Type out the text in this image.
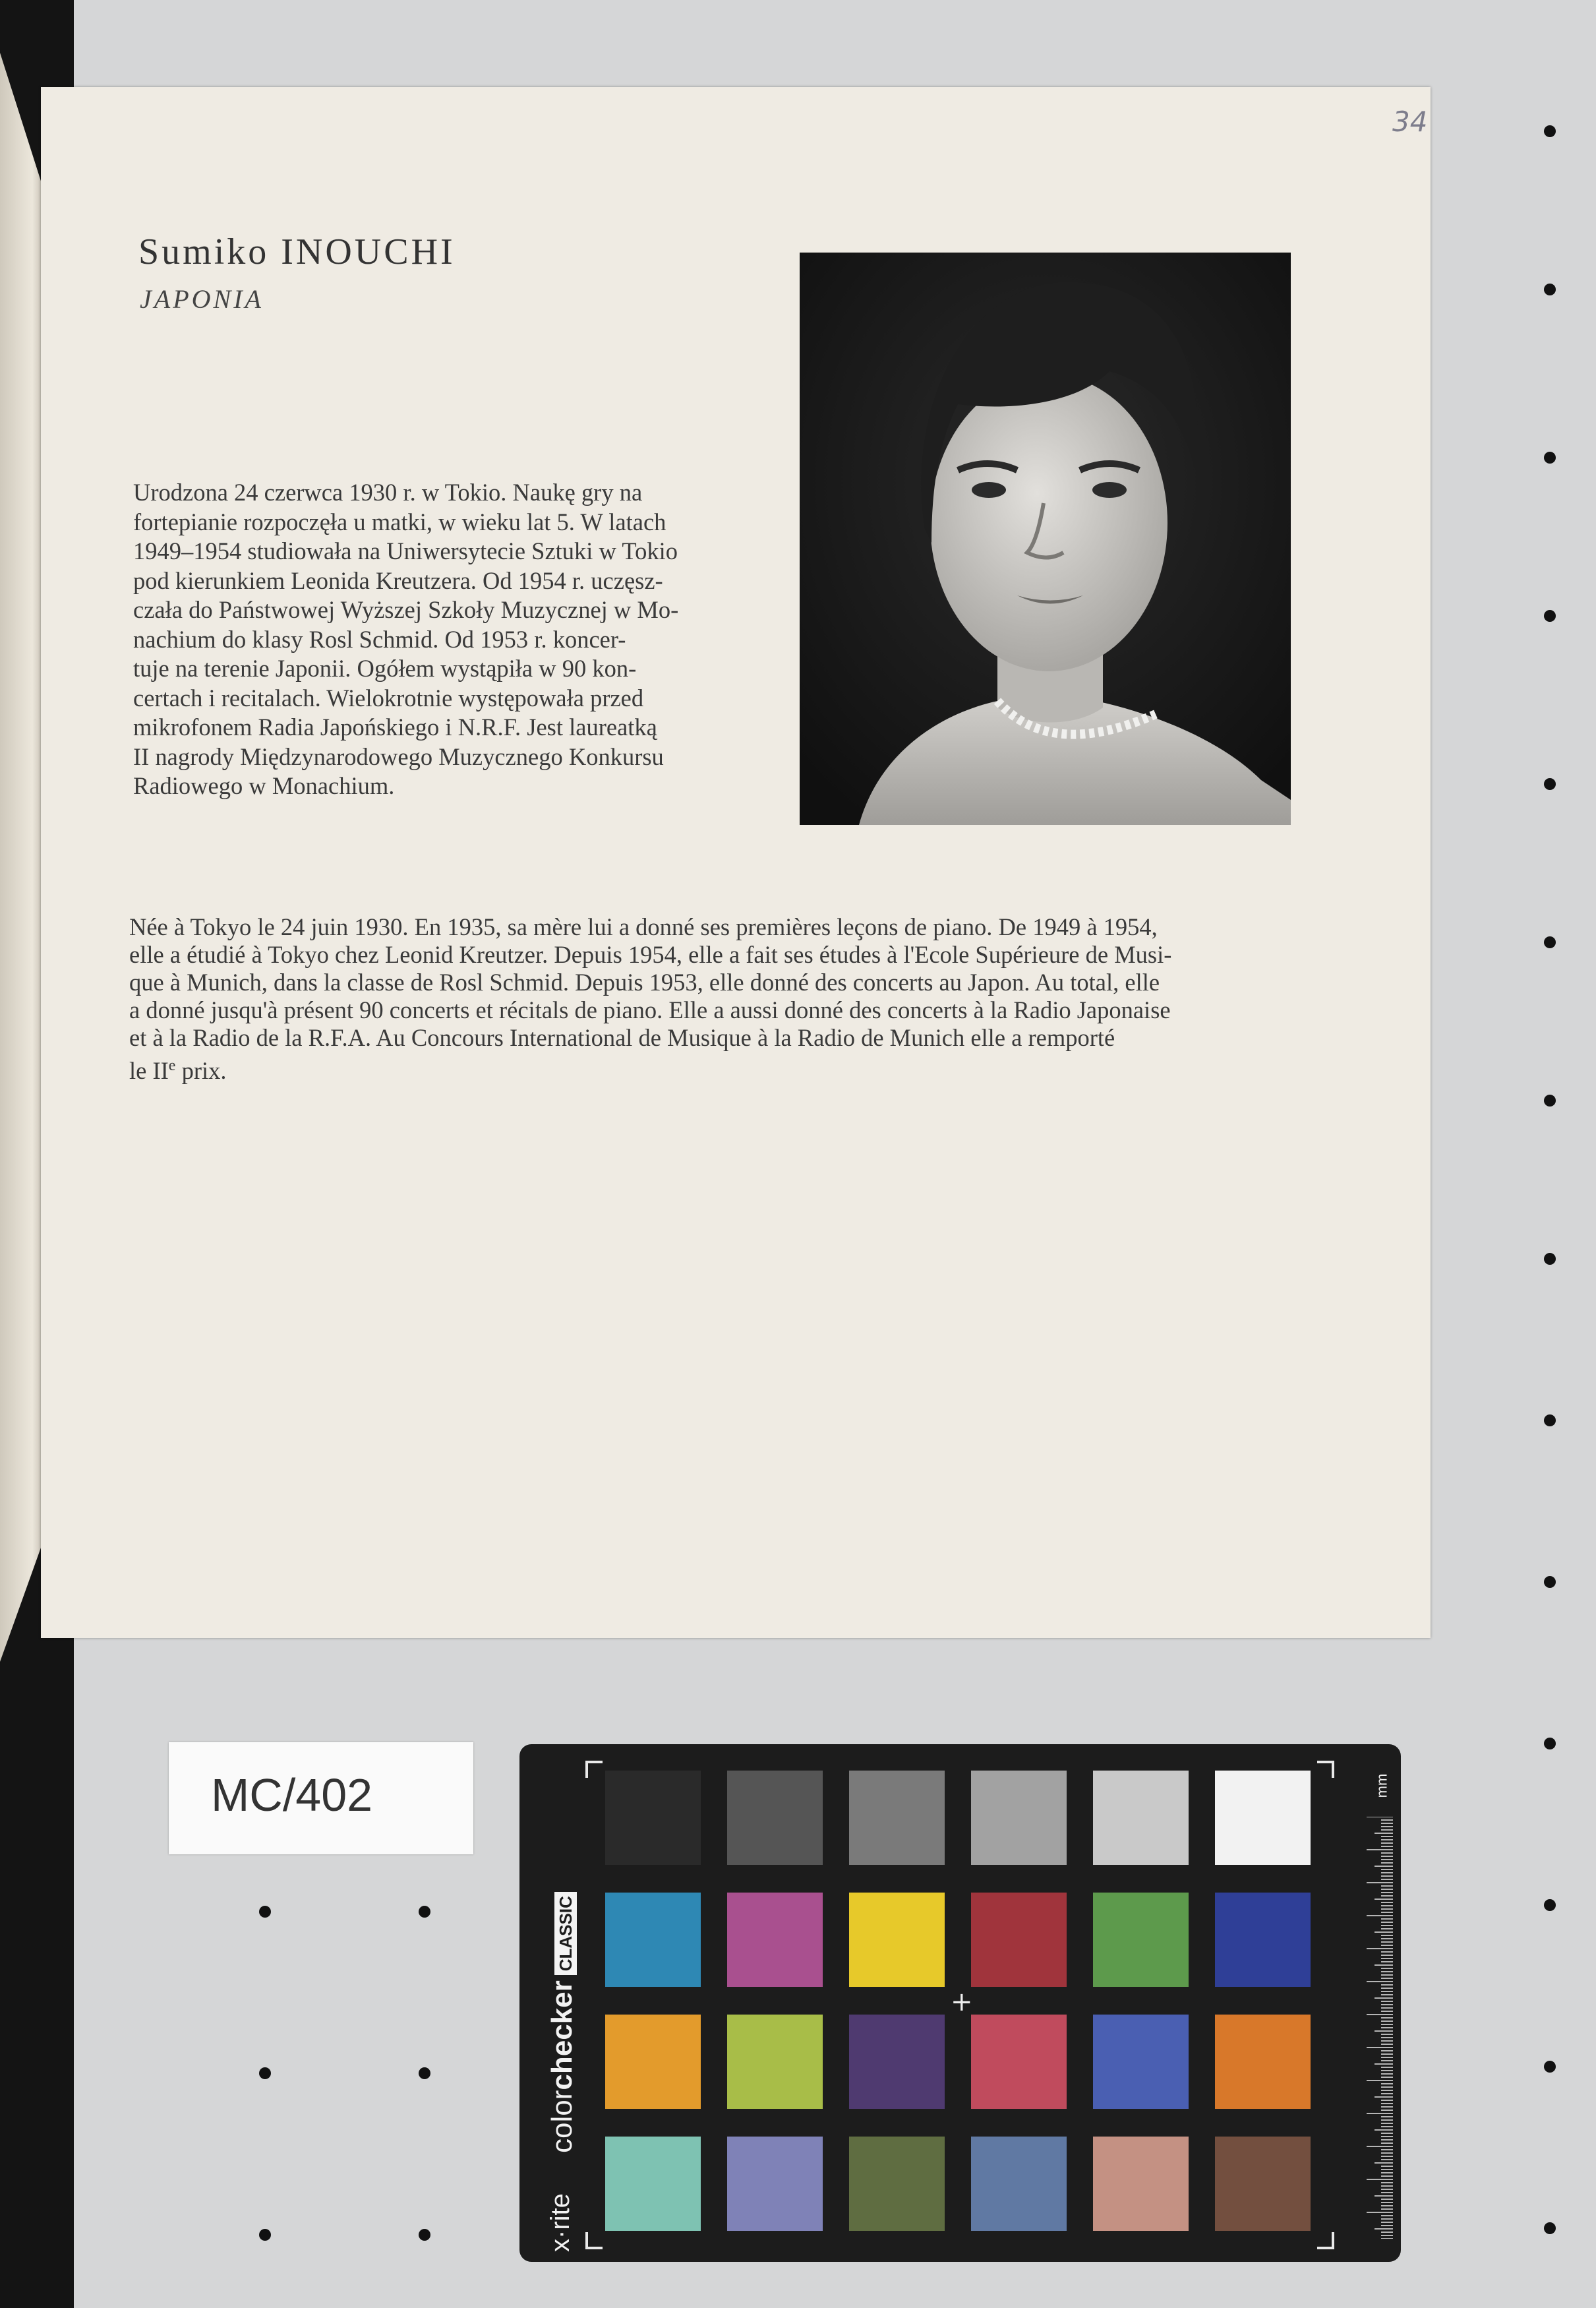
34
Sumiko INOUCHI
JAPONIA
Urodzona 24 czerwca 1930 r. w Tokio. Naukę gry na
fortepianie rozpoczęła u matki, w wieku lat 5. W latach
1949–1954 studiowała na Uniwersytecie Sztuki w Tokio
pod kierunkiem Leonida Kreutzera. Od 1954 r. uczęsz-
czała do Państwowej Wyższej Szkoły Muzycznej w Mo-
nachium do klasy Rosl Schmid. Od 1953 r. koncer-
tuje na terenie Japonii. Ogółem wystąpiła w 90 kon-
certach i recitalach. Wielokrotnie występowała przed
mikrofonem Radia Japońskiego i N.R.F. Jest laureatką
II nagrody Międzynarodowego Muzycznego Konkursu
Radiowego w Monachium.
Née à Tokyo le 24 juin 1930. En 1935, sa mère lui a donné ses premières leçons de piano. De 1949 à 1954,
elle a étudié à Tokyo chez Leonid Kreutzer. Depuis 1954, elle a fait ses études à l'Ecole Supérieure de Musi-
que à Munich, dans la classe de Rosl Schmid. Depuis 1953, elle donné des concerts au Japon. Au total, elle
a donné jusqu'à présent 90 concerts et récitals de piano. Elle a aussi donné des concerts à la Radio Japonaise
et à la Radio de la R.F.A. Au Concours International de Musique à la Radio de Munich elle a remporté
le IIe prix.
MC/402
colorcheckerCLASSIC
x·rite
+
mm
